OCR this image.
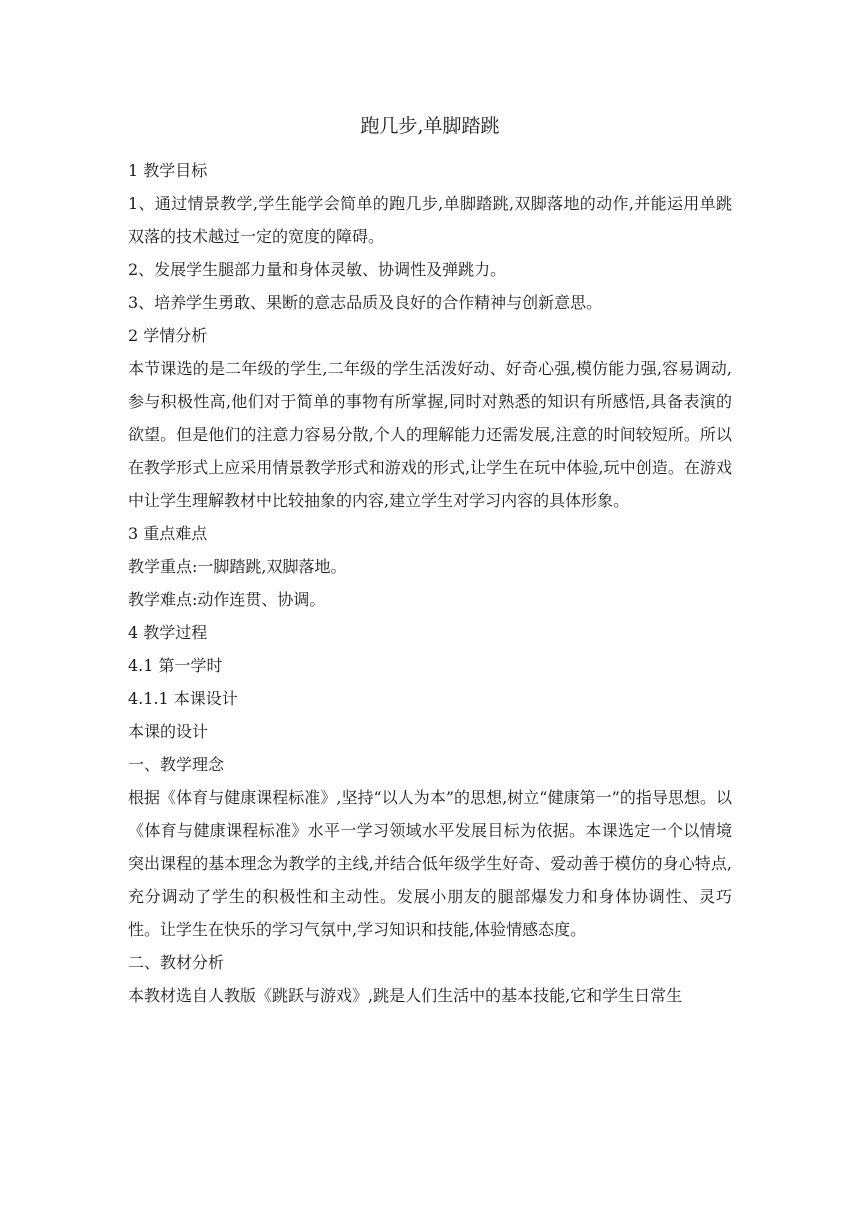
跑几步,单脚踏跳

1 教学目标

1、通过情景教学,学生能学会简单的跑几步,单脚踏跳,双脚落地的动作,并能运用单跳双落的技术越过一定的宽度的障碍。

2、发展学生腿部力量和身体灵敏、协调性及弹跳力。

3、培养学生勇敢、果断的意志品质及良好的合作精神与创新意思。

2 学情分析

本节课选的是二年级的学生,二年级的学生活泼好动、好奇心强,模仿能力强,容易调动,参与积极性高,他们对于简单的事物有所掌握,同时对熟悉的知识有所感悟,具备表演的欲望。但是他们的注意力容易分散,个人的理解能力还需发展,注意的时间较短所。所以在教学形式上应采用情景教学形式和游戏的形式,让学生在玩中体验,玩中创造。在游戏中让学生理解教材中比较抽象的内容,建立学生对学习内容的具体形象。

3 重点难点

教学重点:一脚踏跳,双脚落地。

教学难点:动作连贯、协调。

4 教学过程

4.1 第一学时

4.1.1 本课设计

本课的设计

一、教学理念

根据《体育与健康课程标准》,坚持“以人为本”的思想,树立“健康第一”的指导思想。以《体育与健康课程标准》水平一学习领域水平发展目标为依据。本课选定一个以情境突出课程的基本理念为教学的主线,并结合低年级学生好奇、爱动善于模仿的身心特点,充分调动了学生的积极性和主动性。发展小朋友的腿部爆发力和身体协调性、灵巧性。让学生在快乐的学习气氛中,学习知识和技能,体验情感态度。

二、教材分析

本教材选自人教版《跳跃与游戏》,跳是人们生活中的基本技能,它和学生日常生
